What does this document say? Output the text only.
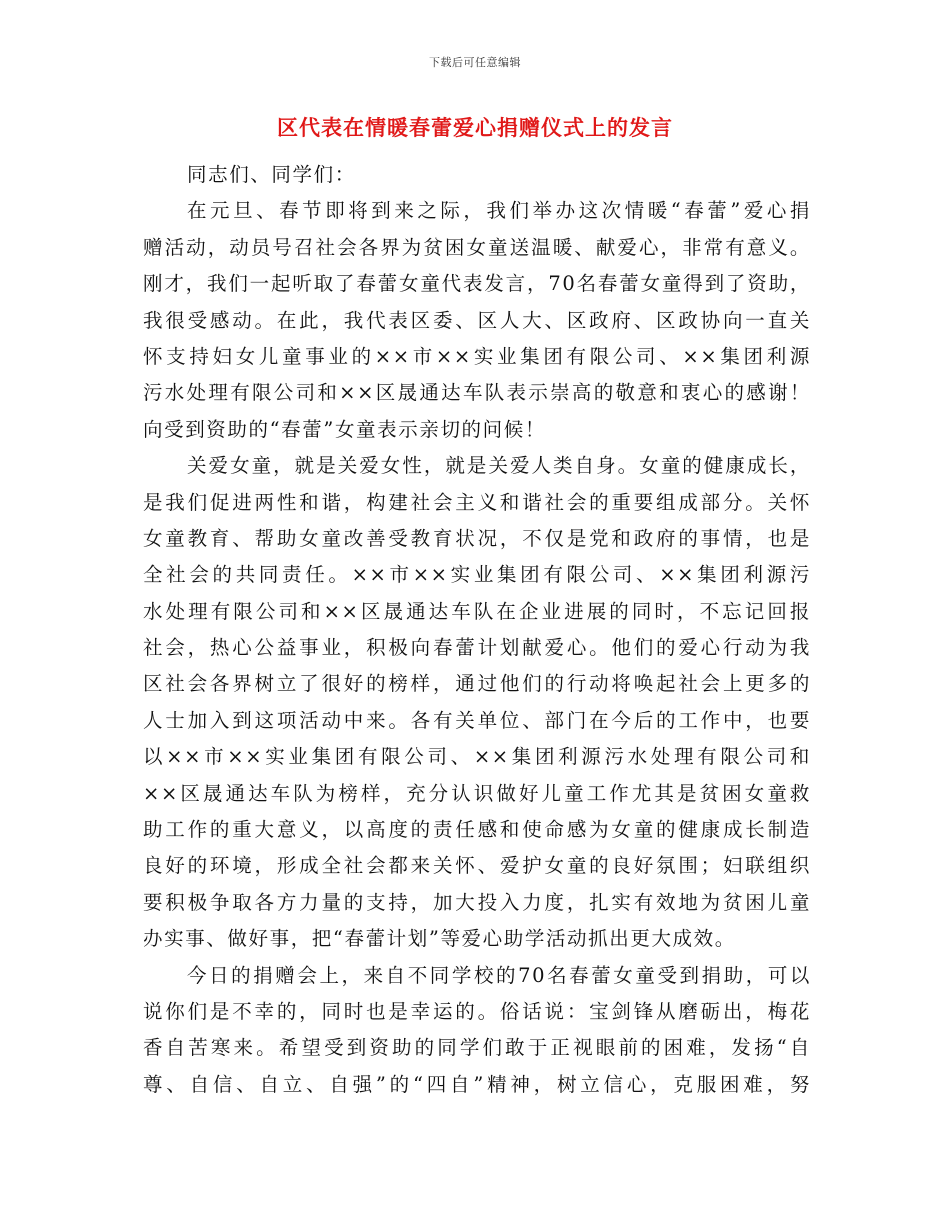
下载后可任意编辑
区代表在情暖春蕾爱心捐赠仪式上的发言

同志们、同学们：

在元旦、春节即将到来之际，我们举办这次情暖“春蕾”爱心捐
赠活动，动员号召社会各界为贫困女童送温暖、献爱心，非常有意义。
刚才，我们一起听取了春蕾女童代表发言，70名春蕾女童得到了资助，
我很受感动。在此，我代表区委、区人大、区政府、区政协向一直关
怀支持妇女儿童事业的××市××实业集团有限公司、××集团利源
污水处理有限公司和××区晟通达车队表示崇高的敬意和衷心的感谢！
向受到资助的“春蕾”女童表示亲切的问候！

关爱女童，就是关爱女性，就是关爱人类自身。女童的健康成长，
是我们促进两性和谐，构建社会主义和谐社会的重要组成部分。关怀
女童教育、帮助女童改善受教育状况，不仅是党和政府的事情，也是
全社会的共同责任。××市××实业集团有限公司、××集团利源污
水处理有限公司和××区晟通达车队在企业进展的同时，不忘记回报
社会，热心公益事业，积极向春蕾计划献爱心。他们的爱心行动为我
区社会各界树立了很好的榜样，通过他们的行动将唤起社会上更多的
人士加入到这项活动中来。各有关单位、部门在今后的工作中，也要
以××市××实业集团有限公司、××集团利源污水处理有限公司和
××区晟通达车队为榜样，充分认识做好儿童工作尤其是贫困女童救
助工作的重大意义，以高度的责任感和使命感为女童的健康成长制造
良好的环境，形成全社会都来关怀、爱护女童的良好氛围；妇联组织
要积极争取各方力量的支持，加大投入力度，扎实有效地为贫困儿童
办实事、做好事，把“春蕾计划”等爱心助学活动抓出更大成效。

今日的捐赠会上，来自不同学校的70名春蕾女童受到捐助，可以
说你们是不幸的，同时也是幸运的。俗话说：宝剑锋从磨砺出，梅花
香自苦寒来。希望受到资助的同学们敢于正视眼前的困难，发扬“自
尊、自信、自立、自强”的“四自”精神，树立信心，克服困难，努
